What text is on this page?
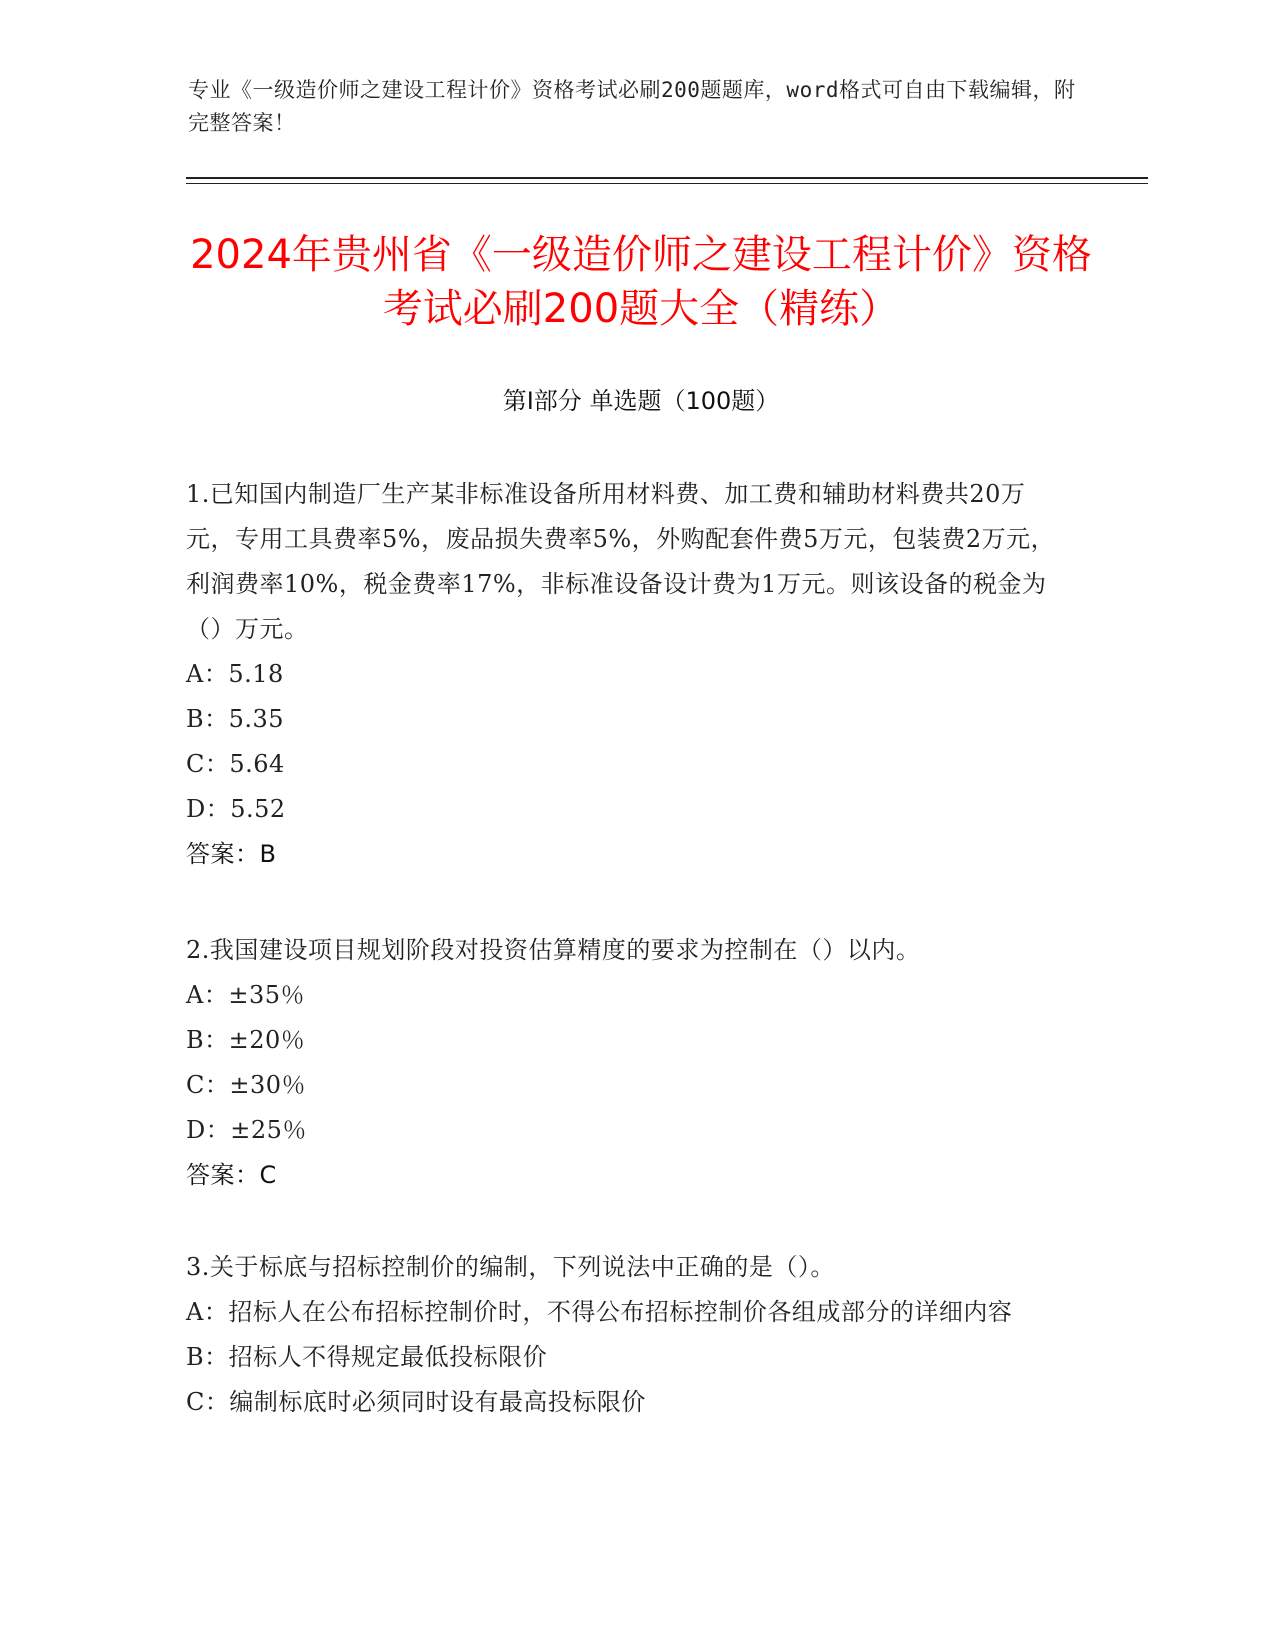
专业《一级造价师之建设工程计价》资格考试必刷200题题库，word格式可自由下载编辑，附完整答案！
2024年贵州省《一级造价师之建设工程计价》资格考试必刷200题大全（精练）
第I部分 单选题（100题）

1.已知国内制造厂生产某非标准设备所用材料费、加工费和辅助材料费共20万元，专用工具费率5%，废品损失费率5%，外购配套件费5万元，包装费2万元，利润费率10%，税金费率17%，非标准设备设计费为1万元。则该设备的税金为（）万元。

A：5.18

B：5.35

C：5.64

D：5.52

答案：B

2.我国建设项目规划阶段对投资估算精度的要求为控制在（）以内。

A：±35％

B：±20％

C：±30％

D：±25％

答案：C

3.关于标底与招标控制价的编制，下列说法中正确的是（）。

A：招标人在公布招标控制价时，不得公布招标控制价各组成部分的详细内容

B：招标人不得规定最低投标限价

C：编制标底时必须同时设有最高投标限价
